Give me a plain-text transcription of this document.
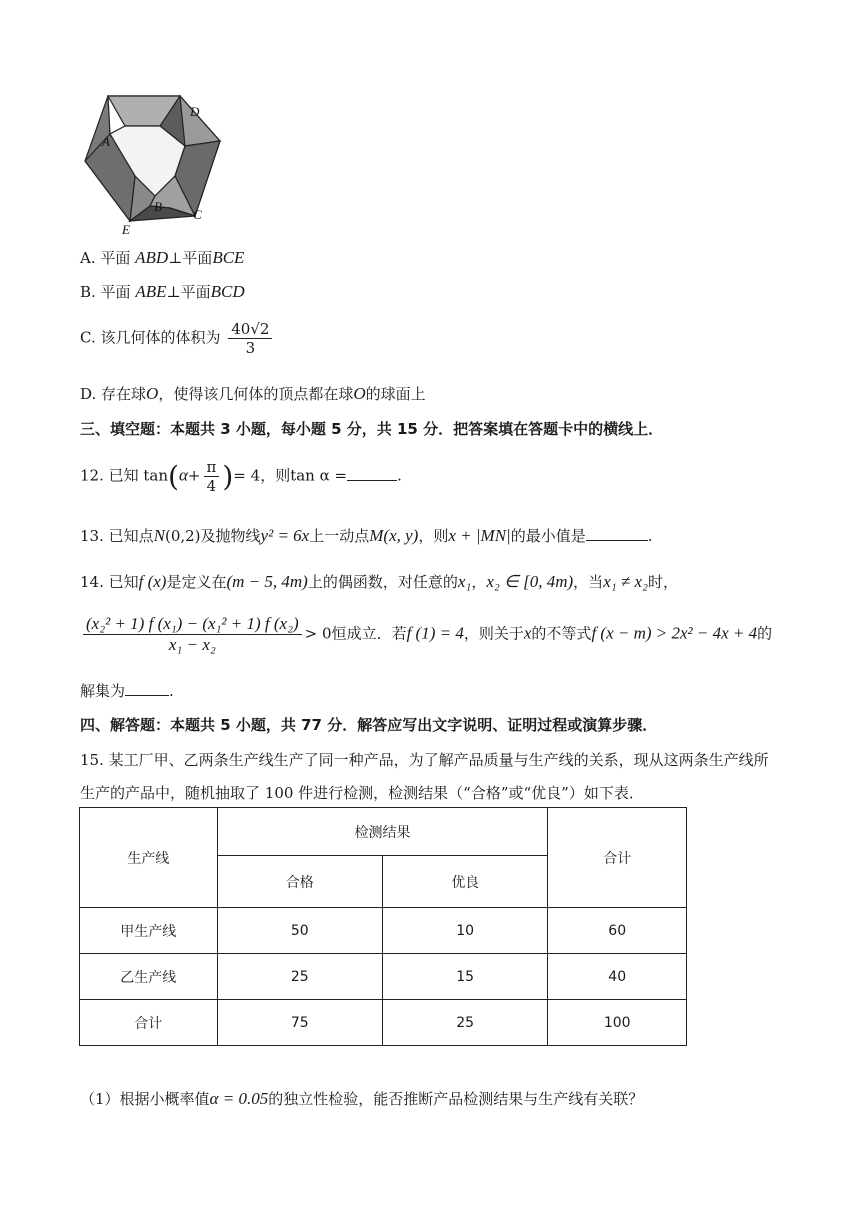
A
D
B
C
E
A. 平面 ABD⊥平面BCE
B. 平面 ABE⊥平面BCD
C. 该几何体的体积为 $\frac{40√2}{3}$
D. 存在球O，使得该几何体的顶点都在球O的球面上
三、填空题：本题共 3 小题，每小题 5 分，共 15 分．把答案填在答题卡中的横线上．
12. 已知 $\tan(\alpha+ \frac{\pi}{4}$ )= 4，则tan α =	.
13. 已知点N(0,2)及抛物线y² = 6x上一动点M(x, y)，则x + |MN|的最小值是	.
14. 已知f (x)是定义在(m − 5, 4m)上的偶函数，对任意的x₁，x₂ ∈ [0, 4m)，当x₁ ≠ x₂时，
$\frac{\text{(x₂² + 1) f (x₁) − (x₁² + 1) f (x₂)}}{\text{x₁ − x₂}} > 0$恒成立．若f (1) = 4，则关于x的不等式f (x − m) > 2x² − 4x + 4的
解集为	.
四、解答题：本题共 5 小题，共 77 分．解答应写出文字说明、证明过程或演算步骤．
15. 某工厂甲、乙两条生产线生产了同一种产品，为了解产品质量与生产线的关系，现从这两条生产线所
生产的产品中，随机抽取了 100 件进行检测，检测结果（“合格”或“优良”）如下表．
生产线	检测结果		合计
	合格	优良	
甲生产线	50	10	60
乙生产线	25	15	40
合计	75	25	100
（1）根据小概率值α = 0.05的独立性检验，能否推断产品检测结果与生产线有关联？
